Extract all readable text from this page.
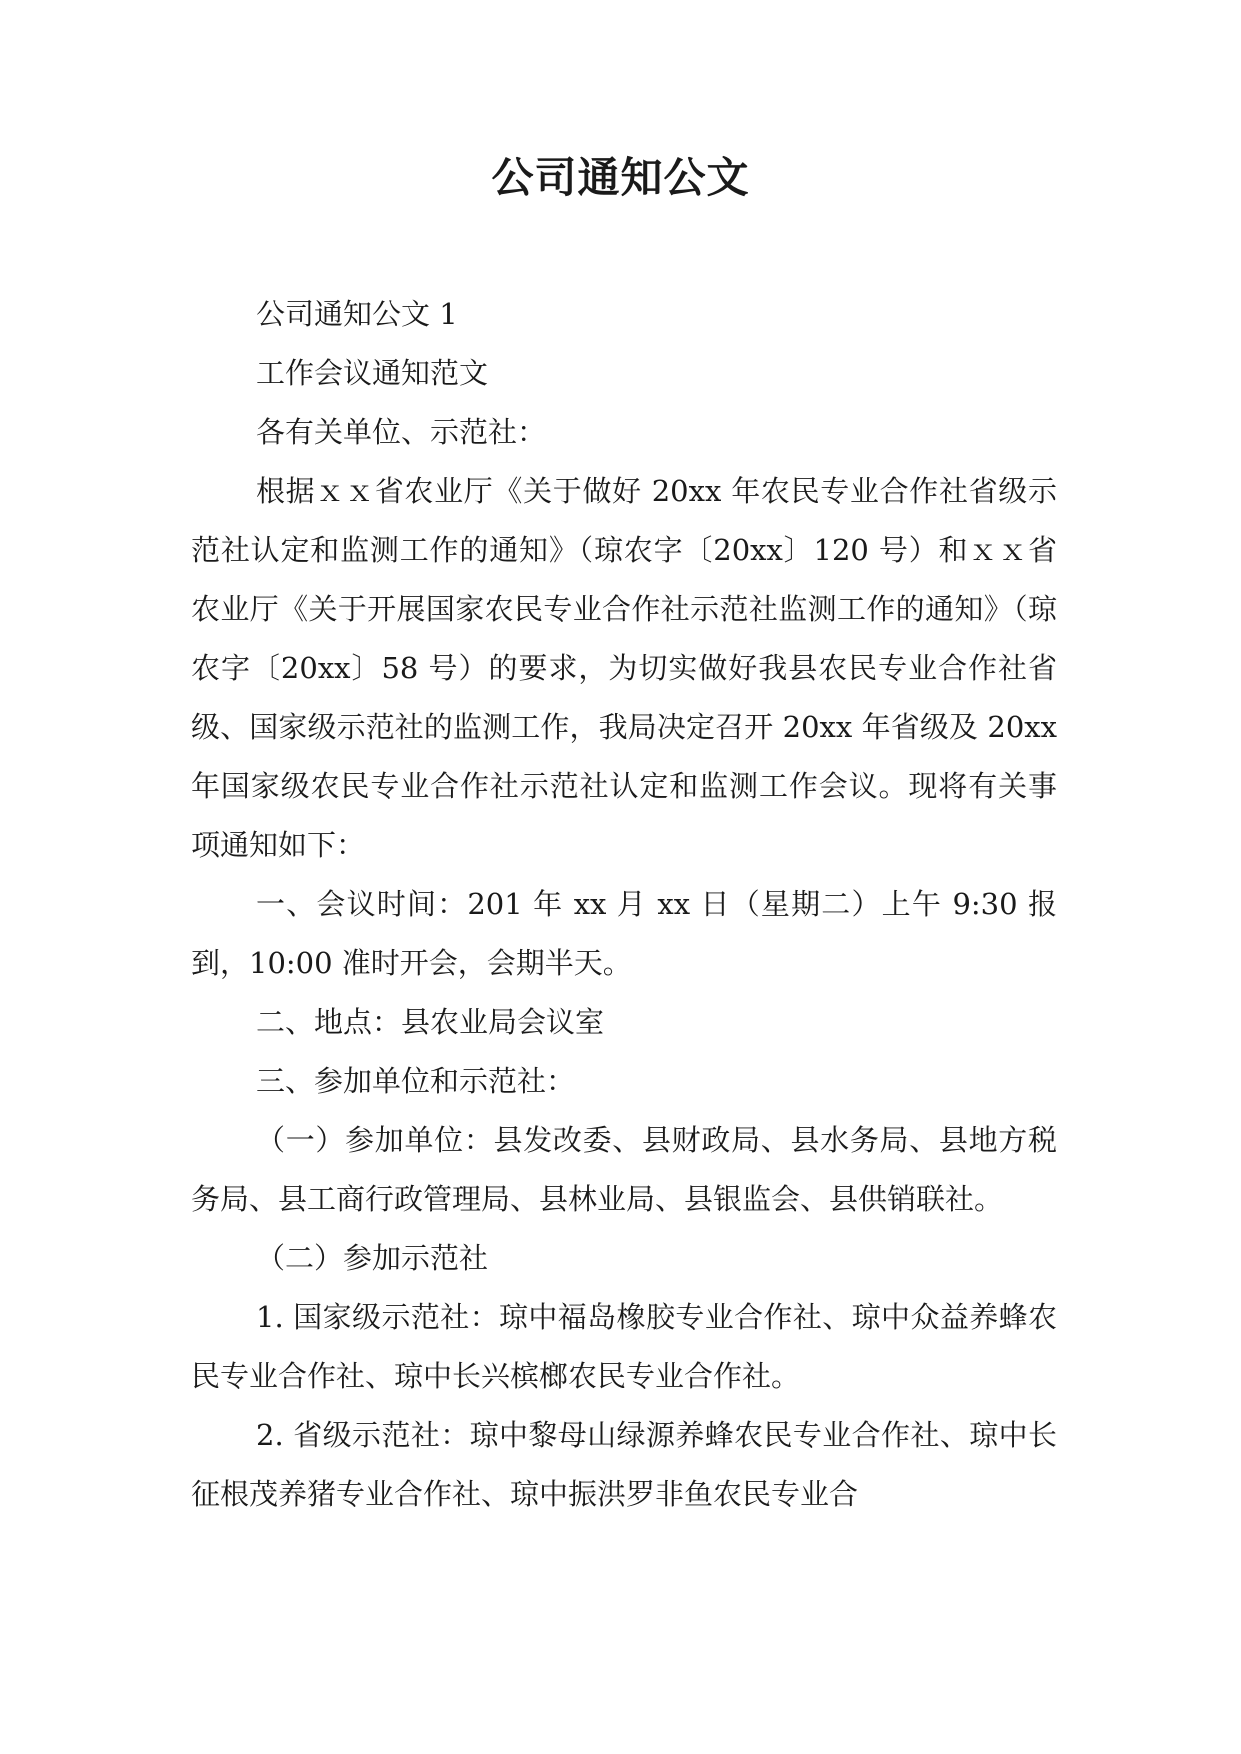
公司通知公文

公司通知公文 1

工作会议通知范文

各有关单位、示范社：

根据ｘｘ省农业厅《关于做好 20xx 年农民专业合作社省级示范社认定和监测工作的通知》（琼农字〔20xx〕120 号）和ｘｘ省农业厅《关于开展国家农民专业合作社示范社监测工作的通知》（琼农字〔20xx〕58 号）的要求，为切实做好我县农民专业合作社省级、国家级示范社的监测工作，我局决定召开 20xx 年省级及 20xx 年国家级农民专业合作社示范社认定和监测工作会议。现将有关事项通知如下：

一、会议时间：201 年 xx 月 xx 日（星期二）上午 9:30 报到，10:00 准时开会，会期半天。

二、地点：县农业局会议室

三、参加单位和示范社：

（一）参加单位：县发改委、县财政局、县水务局、县地方税务局、县工商行政管理局、县林业局、县银监会、县供销联社。

（二）参加示范社

1. 国家级示范社：琼中福岛橡胶专业合作社、琼中众益养蜂农民专业合作社、琼中长兴槟榔农民专业合作社。

2. 省级示范社：琼中黎母山绿源养蜂农民专业合作社、琼中长征根茂养猪专业合作社、琼中振洪罗非鱼农民专业合
